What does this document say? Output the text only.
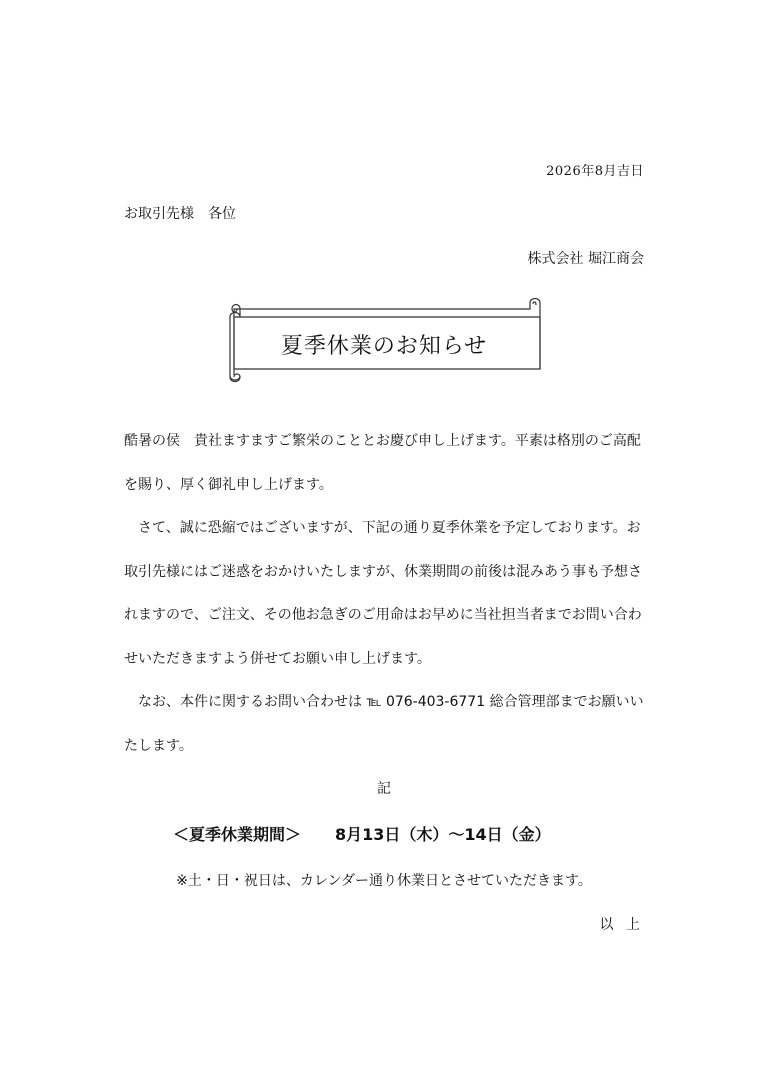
2026年8月吉日
お取引先様　各位
株式会社 堀江商会
夏季休業のお知らせ

酷暑の侯　貴社ますますご繁栄のこととお慶び申し上げます。平素は格別のご高配を賜り、厚く御礼申し上げます。

　さて、誠に恐縮ではございますが、下記の通り夏季休業を予定しております。お取引先様にはご迷惑をおかけいたしますが、休業期間の前後は混みあう事も予想されますので、ご注文、その他お急ぎのご用命はお早めに当社担当者までお問い合わせいただきますよう併せてお願い申し上げます。

　なお、本件に関するお問い合わせは ℡ 076-403-6771 総合管理部までお願いいたします。

記
＜夏季休業期間＞ 8月13日（木）～14日（金）
※土・日・祝日は、カレンダー通り休業日とさせていただきます。
以 上
